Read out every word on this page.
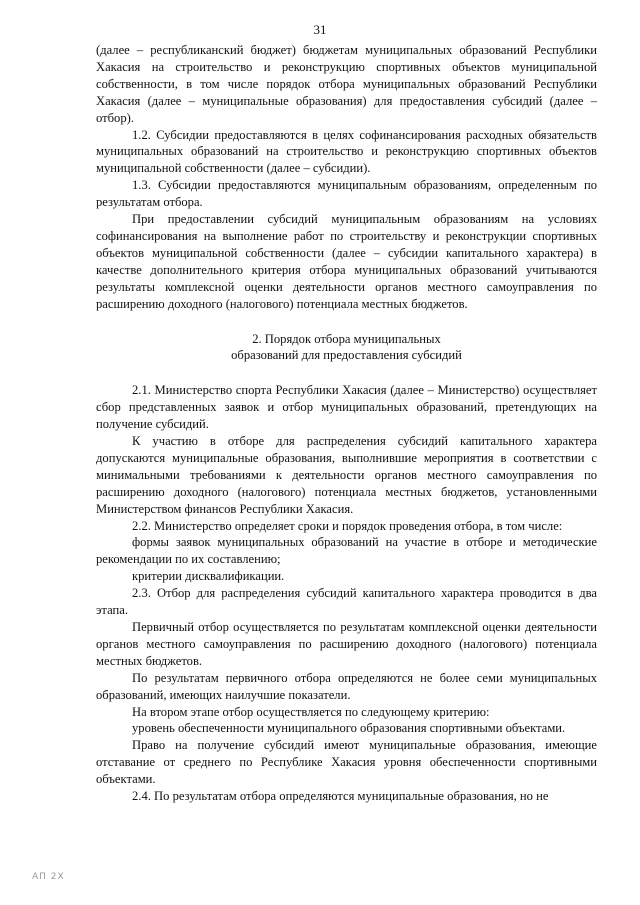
31

(далее – республиканский бюджет) бюджетам муниципальных образований Республики Хакасия на строительство и реконструкцию спортивных объектов муниципальной собственности, в том числе порядок отбора муниципальных образований Республики Хакасия (далее – муниципальные образования) для предоставления субсидий (далее – отбор).

1.2. Субсидии предоставляются в целях софинансирования расходных обязательств муниципальных образований на строительство и реконструкцию спортивных объектов муниципальной собственности (далее – субсидии).

1.3. Субсидии предоставляются муниципальным образованиям, определенным по результатам отбора.

При предоставлении субсидий муниципальным образованиям на условиях софинансирования на выполнение работ по строительству и реконструкции спортивных объектов муниципальной собственности (далее – субсидии капитального характера) в качестве дополнительного критерия отбора муниципальных образований учитываются результаты комплексной оценки деятельности органов местного самоуправления по расширению доходного (налогового) потенциала местных бюджетов.

2. Порядок отбора муниципальных
образований для предоставления субсидий

2.1. Министерство спорта Республики Хакасия (далее – Министерство) осуществляет сбор представленных заявок и отбор муниципальных образований, претендующих на получение субсидий.

К участию в отборе для распределения субсидий капитального характера допускаются муниципальные образования, выполнившие мероприятия в соответствии с минимальными требованиями к деятельности органов местного самоуправления по расширению доходного (налогового) потенциала местных бюджетов, установленными Министерством финансов Республики Хакасия.

2.2. Министерство определяет сроки и порядок проведения отбора, в том числе:

формы заявок муниципальных образований на участие в отборе и методические рекомендации по их составлению;

критерии дисквалификации.

2.3. Отбор для распределения субсидий капитального характера проводится в два этапа.

Первичный отбор осуществляется по результатам комплексной оценки деятельности органов местного самоуправления по расширению доходного (налогового) потенциала местных бюджетов.

По результатам первичного отбора определяются не более семи муниципальных образований, имеющих наилучшие показатели.

На втором этапе отбор осуществляется по следующему критерию:

уровень обеспеченности муниципального образования спортивными объектами.

Право на получение субсидий имеют муниципальные образования, имеющие отставание от среднего по Республике Хакасия уровня обеспеченности спортивными объектами.

2.4. По результатам отбора определяются муниципальные образования, но не

АП 2Х
